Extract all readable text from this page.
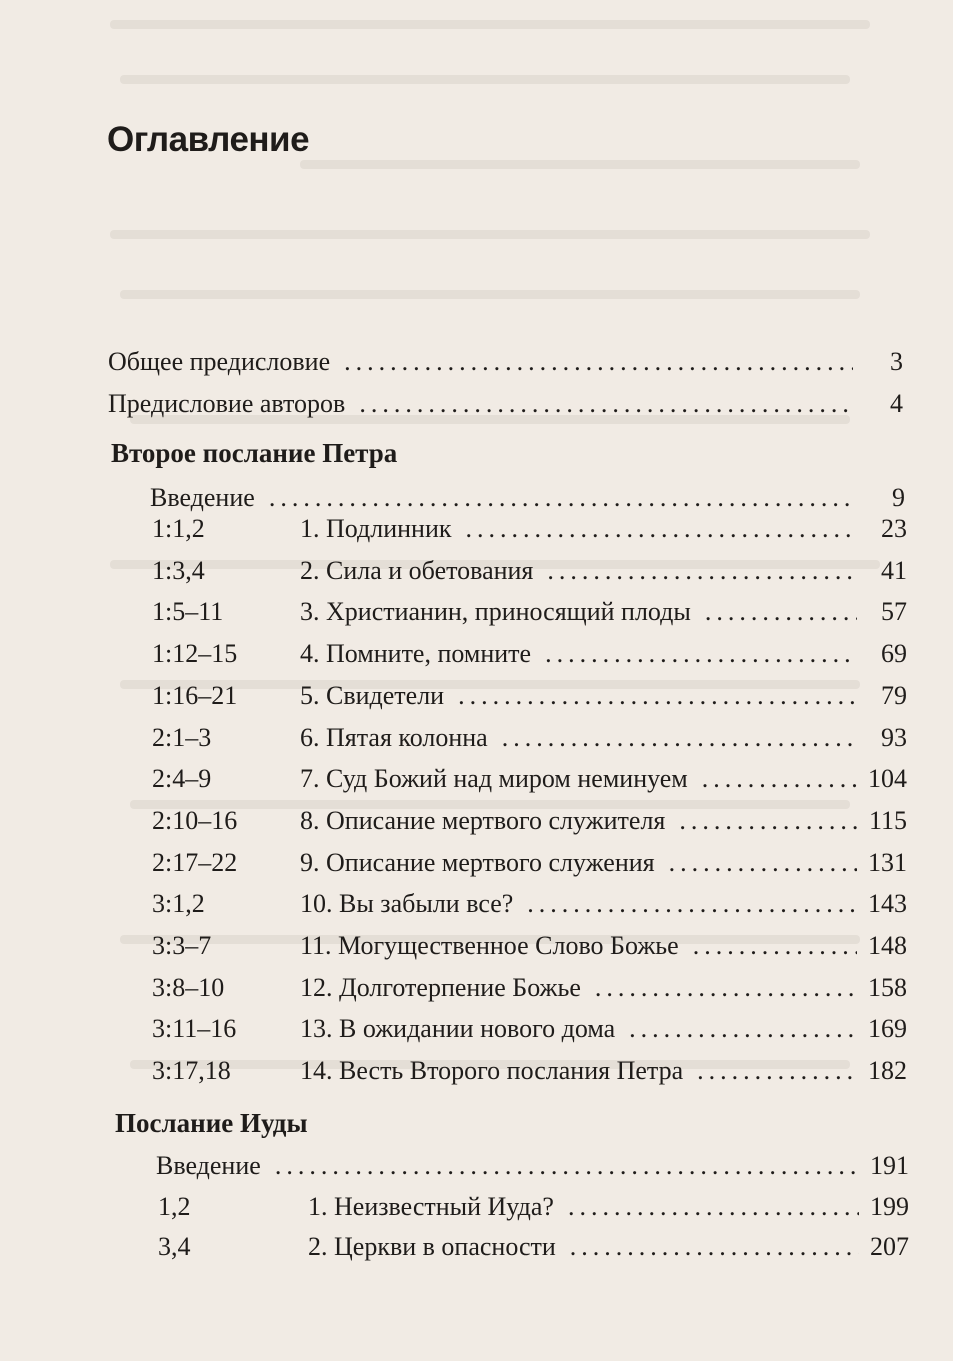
Оглавление
Общее предисловие .....	3
Предисловие авторов .....	4
Второе послание Петра
Введение .....	9
1:1,2	1. Подлинник .....	23
1:3,4	2. Сила и обетования .....	41
1:5–11	3. Христианин, приносящий плоды .....	57
1:12–15	4. Помните, помните .....	69
1:16–21	5. Свидетели .....	79
2:1–3	6. Пятая колонна .....	93
2:4–9	7. Суд Божий над миром неминуем .....	104
2:10–16	8. Описание мертвого служителя .....	115
2:17–22	9. Описание мертвого служения .....	131
3:1,2	10. Вы забыли все? .....	143
3:3–7	11. Могущественное Слово Божье .....	148
3:8–10	12. Долготерпение Божье .....	158
3:11–16	13. В ожидании нового дома .....	169
3:17,18	14. Весть Второго послания Петра .....	182
Послание Иуды
Введение .....	191
1,2	1. Неизвестный Иуда? .....	199
3,4	2. Церкви в опасности .....	207
